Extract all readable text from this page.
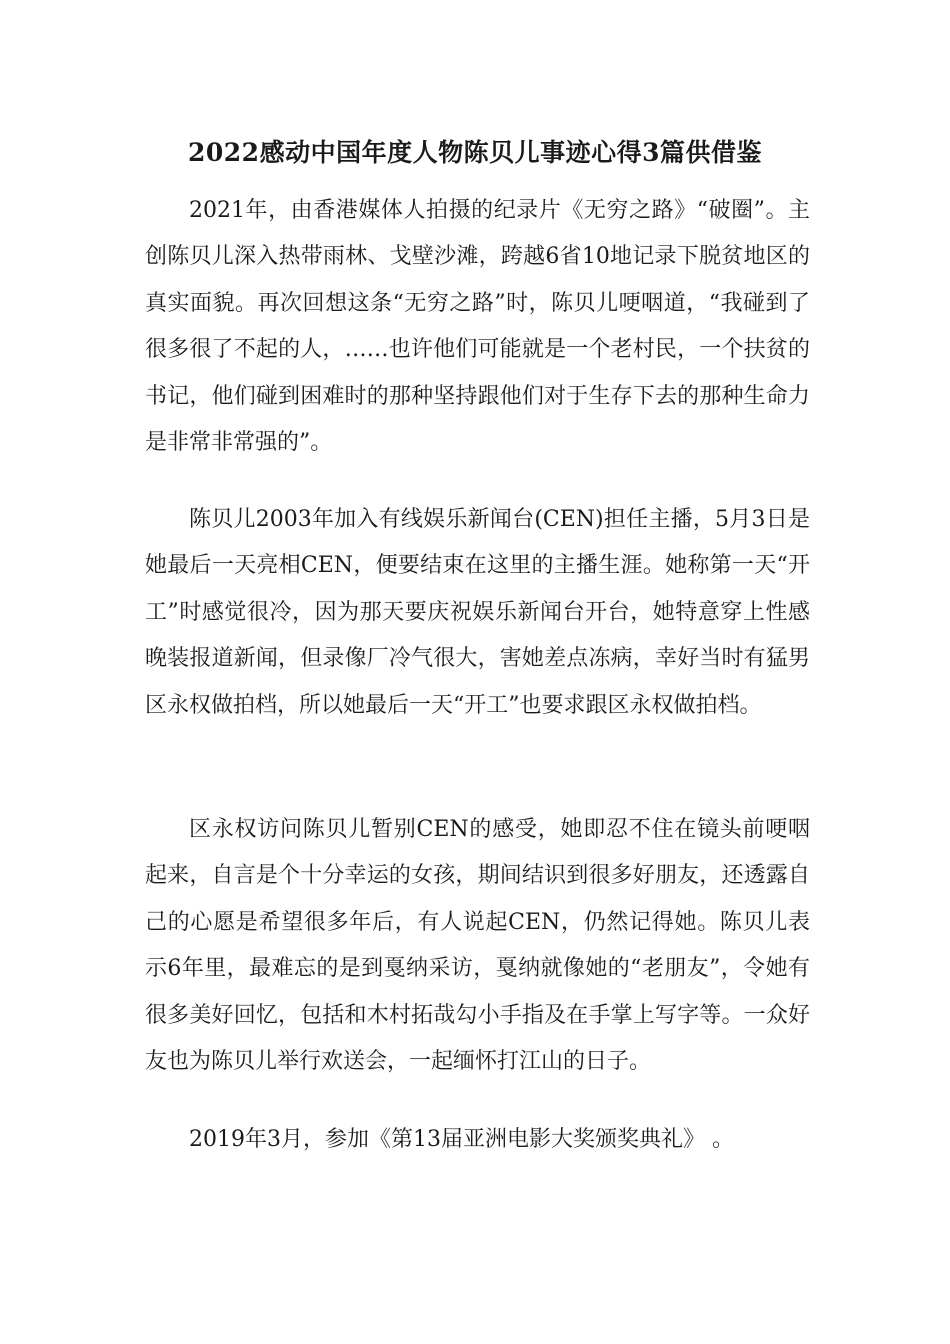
2022感动中国年度人物陈贝儿事迹心得3篇供借鉴

2021年，由香港媒体人拍摄的纪录片《无穷之路》“破圈”。主创陈贝儿深入热带雨林、戈壁沙滩，跨越6省10地记录下脱贫地区的真实面貌。再次回想这条“无穷之路”时，陈贝儿哽咽道，“我碰到了很多很了不起的人，……也许他们可能就是一个老村民，一个扶贫的书记，他们碰到困难时的那种坚持跟他们对于生存下去的那种生命力是非常非常强的”。

陈贝儿2003年加入有线娱乐新闻台(CEN)担任主播，5月3日是她最后一天亮相CEN，便要结束在这里的主播生涯。她称第一天“开工”时感觉很冷，因为那天要庆祝娱乐新闻台开台，她特意穿上性感晚装报道新闻，但录像厂冷气很大，害她差点冻病，幸好当时有猛男区永权做拍档，所以她最后一天“开工”也要求跟区永权做拍档。

区永权访问陈贝儿暂别CEN的感受，她即忍不住在镜头前哽咽起来，自言是个十分幸运的女孩，期间结识到很多好朋友，还透露自己的心愿是希望很多年后，有人说起CEN，仍然记得她。陈贝儿表示6年里，最难忘的是到戛纳采访，戛纳就像她的“老朋友”，令她有很多美好回忆，包括和木村拓哉勾小手指及在手掌上写字等。一众好友也为陈贝儿举行欢送会，一起缅怀打江山的日子。

2019年3月，参加《第13届亚洲电影大奖颁奖典礼》 。
